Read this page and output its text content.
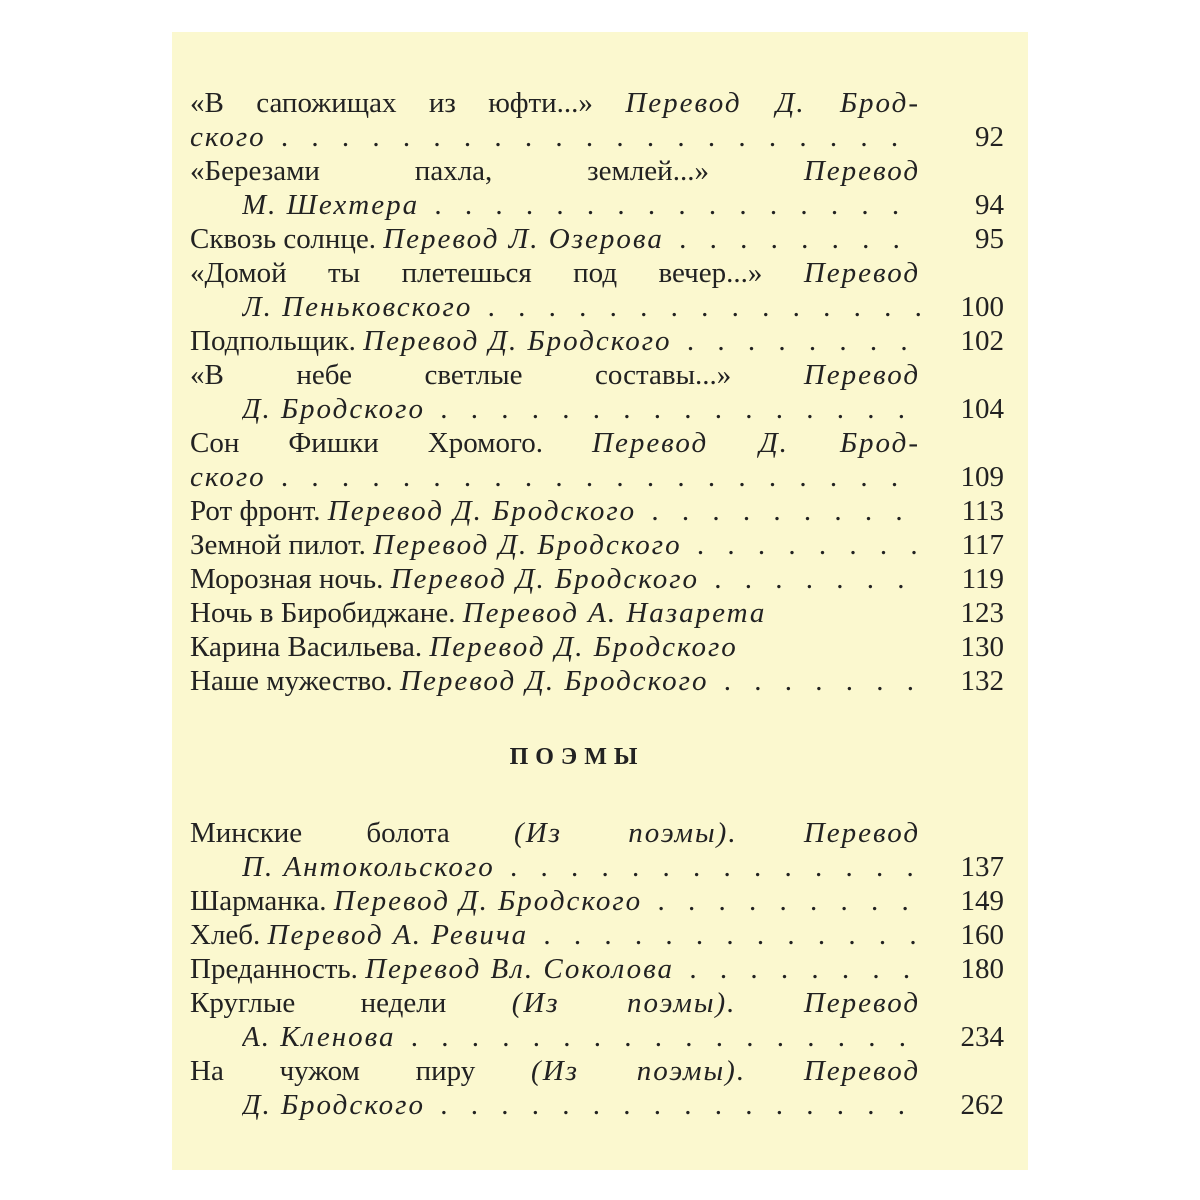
«В сапожищах из юфти...» Перевод Д. Брод-
ского . . .	92
«Березами пахла, землей...»	Перевод
М. Шехтера . . .	94
Сквозь солнце. Перевод Л. Озерова . . .	95
«Домой ты плетешься под вечер...» Перевод
Л. Пеньковского . . .	100
Подпольщик. Перевод Д. Бродского . . .	102
«В небе светлые составы...»	Перевод
Д. Бродского . . .	104
Сон Фишки Хромого. Перевод Д. Брод-
ского . . .	109
Рот фронт. Перевод Д. Бродского . . .	113
Земной пилот. Перевод Д. Бродского . . .	117
Морозная ночь. Перевод Д. Бродского . . .	119
Ночь в Биробиджане. Перевод А. Назарета	123
Карина Васильева. Перевод Д. Бродского	130
Наше мужество. Перевод Д. Бродского . . .	132
ПОЭМЫ
Минские болота (Из поэмы). Перевод
П. Антокольского . . .	137
Шарманка. Перевод Д. Бродского . . .	149
Хлеб. Перевод А. Ревича . . .	160
Преданность. Перевод Вл. Соколова . . .	180
Круглые недели (Из поэмы). Перевод
А. Кленова . . .	234
На чужом пиру (Из поэмы). Перевод
Д. Бродского . . .	262
